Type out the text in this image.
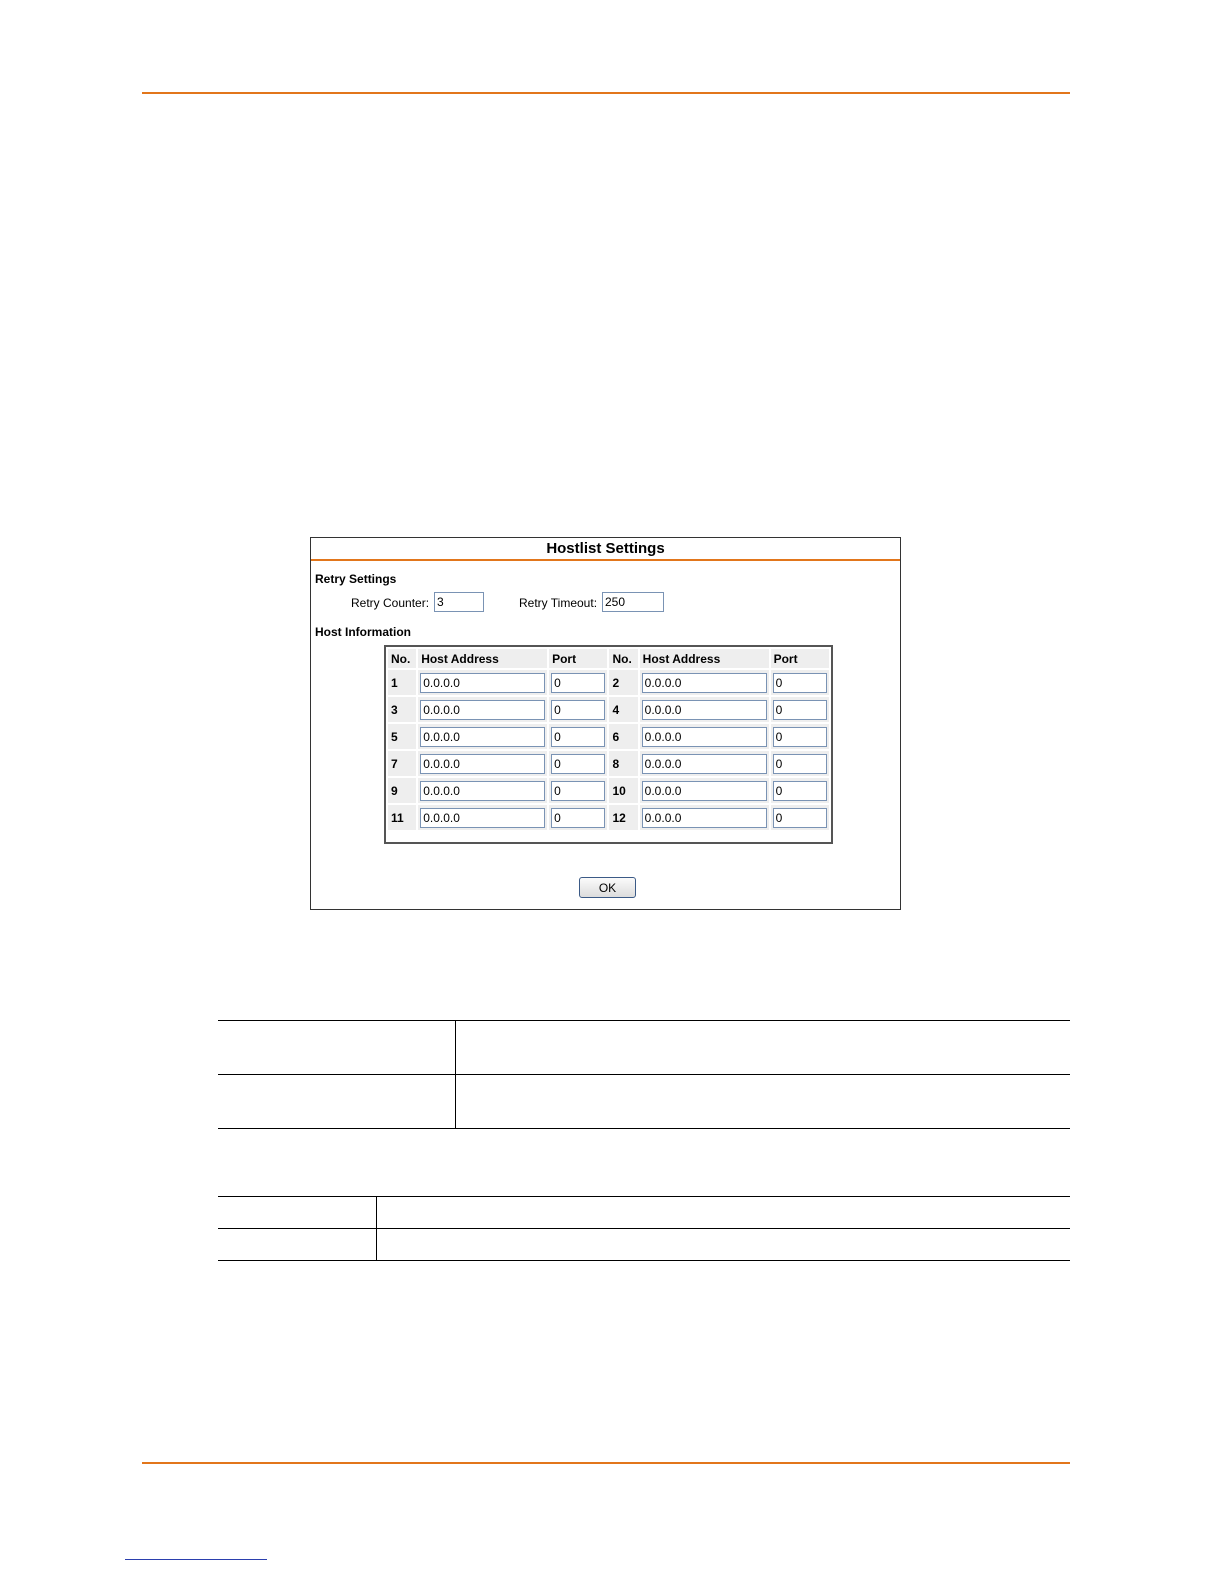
Hostlist Settings
Retry Settings
Retry Counter:
3	Retry Timeout:
250
Host Information
No.	Host Address	Port	No.	Host Address	Port
1	0.0.0.0	0	2	0.0.0.0	0
3	0.0.0.0	0	4	0.0.0.0	0
5	0.0.0.0	0	6	0.0.0.0	0
7	0.0.0.0	0	8	0.0.0.0	0
9	0.0.0.0	0	10	0.0.0.0	0
11	0.0.0.0	0	12	0.0.0.0	0
OK
